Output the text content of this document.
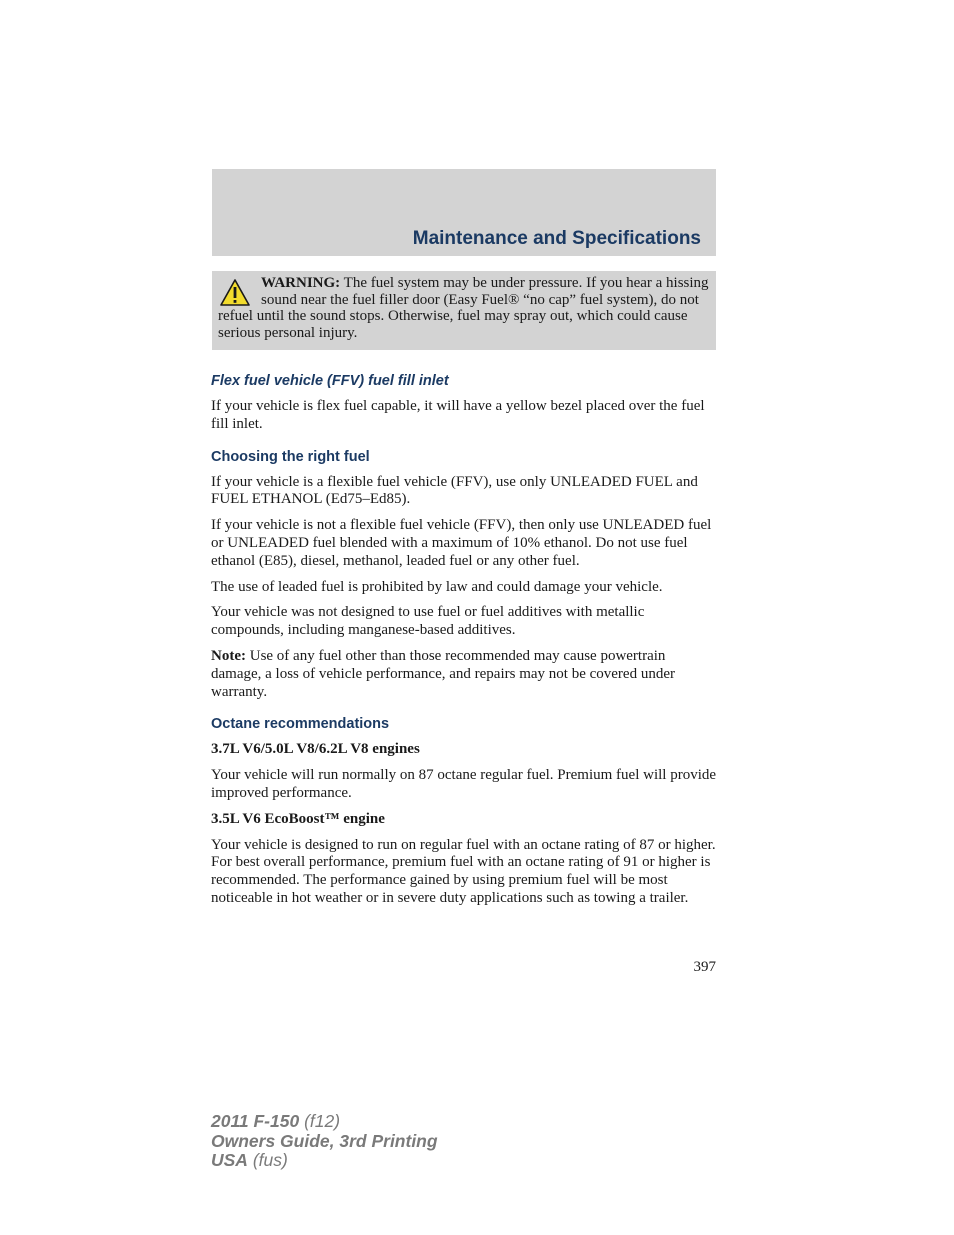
Maintenance and Specifications

WARNING: The fuel system may be under pressure. If you hear a hissing sound near the fuel filler door (Easy Fuel® “no cap” fuel system), do not refuel until the sound stops. Otherwise, fuel may spray out, which could cause serious personal injury.

Flex fuel vehicle (FFV) fuel fill inlet

If your vehicle is flex fuel capable, it will have a yellow bezel placed over the fuel fill inlet.

Choosing the right fuel

If your vehicle is a flexible fuel vehicle (FFV), use only UNLEADED FUEL and FUEL ETHANOL (Ed75–Ed85).

If your vehicle is not a flexible fuel vehicle (FFV), then only use UNLEADED fuel or UNLEADED fuel blended with a maximum of 10% ethanol. Do not use fuel ethanol (E85), diesel, methanol, leaded fuel or any other fuel.

The use of leaded fuel is prohibited by law and could damage your vehicle.

Your vehicle was not designed to use fuel or fuel additives with metallic compounds, including manganese-based additives.

Note: Use of any fuel other than those recommended may cause powertrain damage, a loss of vehicle performance, and repairs may not be covered under warranty.

Octane recommendations

3.7L V6/5.0L V8/6.2L V8 engines

Your vehicle will run normally on 87 octane regular fuel. Premium fuel will provide improved performance.

3.5L V6 EcoBoost™ engine

Your vehicle is designed to run on regular fuel with an octane rating of 87 or higher. For best overall performance, premium fuel with an octane rating of 91 or higher is recommended. The performance gained by using premium fuel will be most noticeable in hot weather or in severe duty applications such as towing a trailer.

397
2011 F-150 (f12)
Owners Guide, 3rd Printing
USA (fus)
